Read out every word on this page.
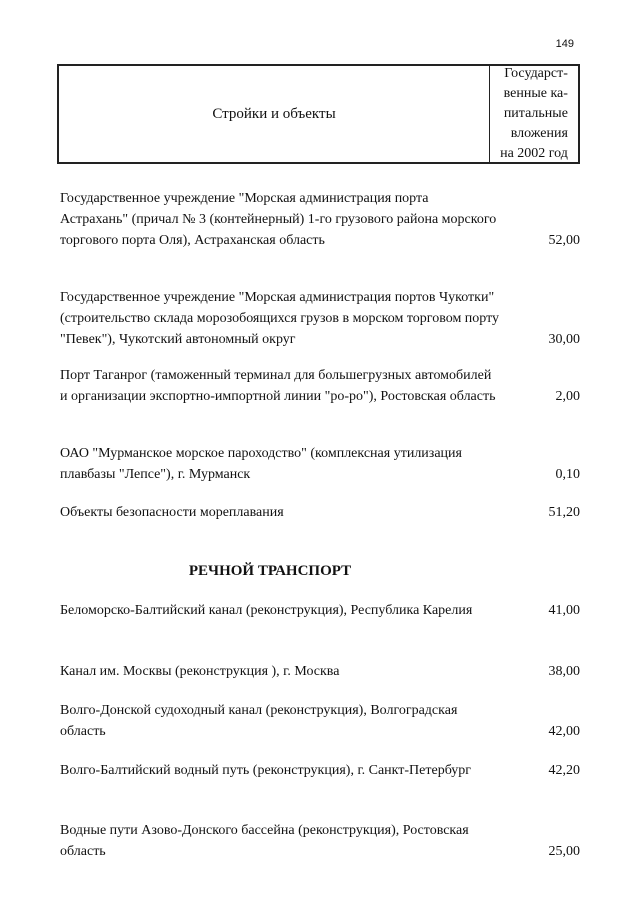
149
Стройки и объекты
Государст-
венные ка-
питальные
вложения
на 2002 год
Государственное учреждение "Морская администрация порта Астрахань" (причал № 3 (контейнерный) 1-го грузового района морского торгового порта Оля), Астраханская область	52,00
Государственное учреждение "Морская администрация портов Чукотки" (строительство склада морозобоящихся грузов в морском торговом порту "Певек"), Чукотский автономный округ	30,00
Порт Таганрог (таможенный терминал для большегрузных автомобилей и организации экспортно-импортной линии "ро-ро"), Ростовская область	2,00
ОАО "Мурманское морское пароходство" (комплексная утилизация плавбазы "Лепсе"), г. Мурманск	0,10
Объекты безопасности мореплавания	51,20
РЕЧНОЙ ТРАНСПОРТ
Беломорско-Балтийский канал (реконструкция), Республика Карелия	41,00
Канал им. Москвы (реконструкция ), г. Москва	38,00
Волго-Донской судоходный канал (реконструкция), Волгоградская область	42,00
Волго-Балтийский водный путь (реконструкция), г. Санкт-Петербург	42,20
Водные пути Азово-Донского бассейна (реконструкция), Ростовская область	25,00
